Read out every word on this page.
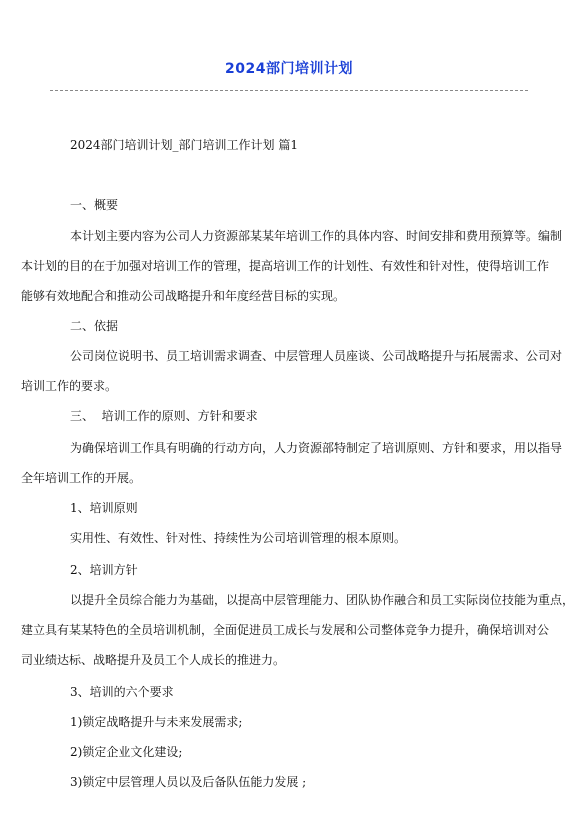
2024部门培训计划
2024部门培训计划_部门培训工作计划 篇1
一、概要
本计划主要内容为公司人力资源部某某年培训工作的具体内容、时间安排和费用预算等。编制
本计划的目的在于加强对培训工作的管理，提高培训工作的计划性、有效性和针对性，使得培训工作
能够有效地配合和推动公司战略提升和年度经营目标的实现。
二、依据
公司岗位说明书、员工培训需求调查、中层管理人员座谈、公司战略提升与拓展需求、公司对
培训工作的要求。
三、  培训工作的原则、方针和要求
为确保培训工作具有明确的行动方向，人力资源部特制定了培训原则、方针和要求，用以指导
全年培训工作的开展。
1、培训原则
实用性、有效性、针对性、持续性为公司培训管理的根本原则。
2、培训方针
以提升全员综合能力为基础，以提高中层管理能力、团队协作融合和员工实际岗位技能为重点，
建立具有某某特色的全员培训机制，全面促进员工成长与发展和公司整体竞争力提升，确保培训对公
司业绩达标、战略提升及员工个人成长的推进力。
3、培训的六个要求
1)锁定战略提升与未来发展需求;
2)锁定企业文化建设;
3)锁定中层管理人员以及后备队伍能力发展 ;
